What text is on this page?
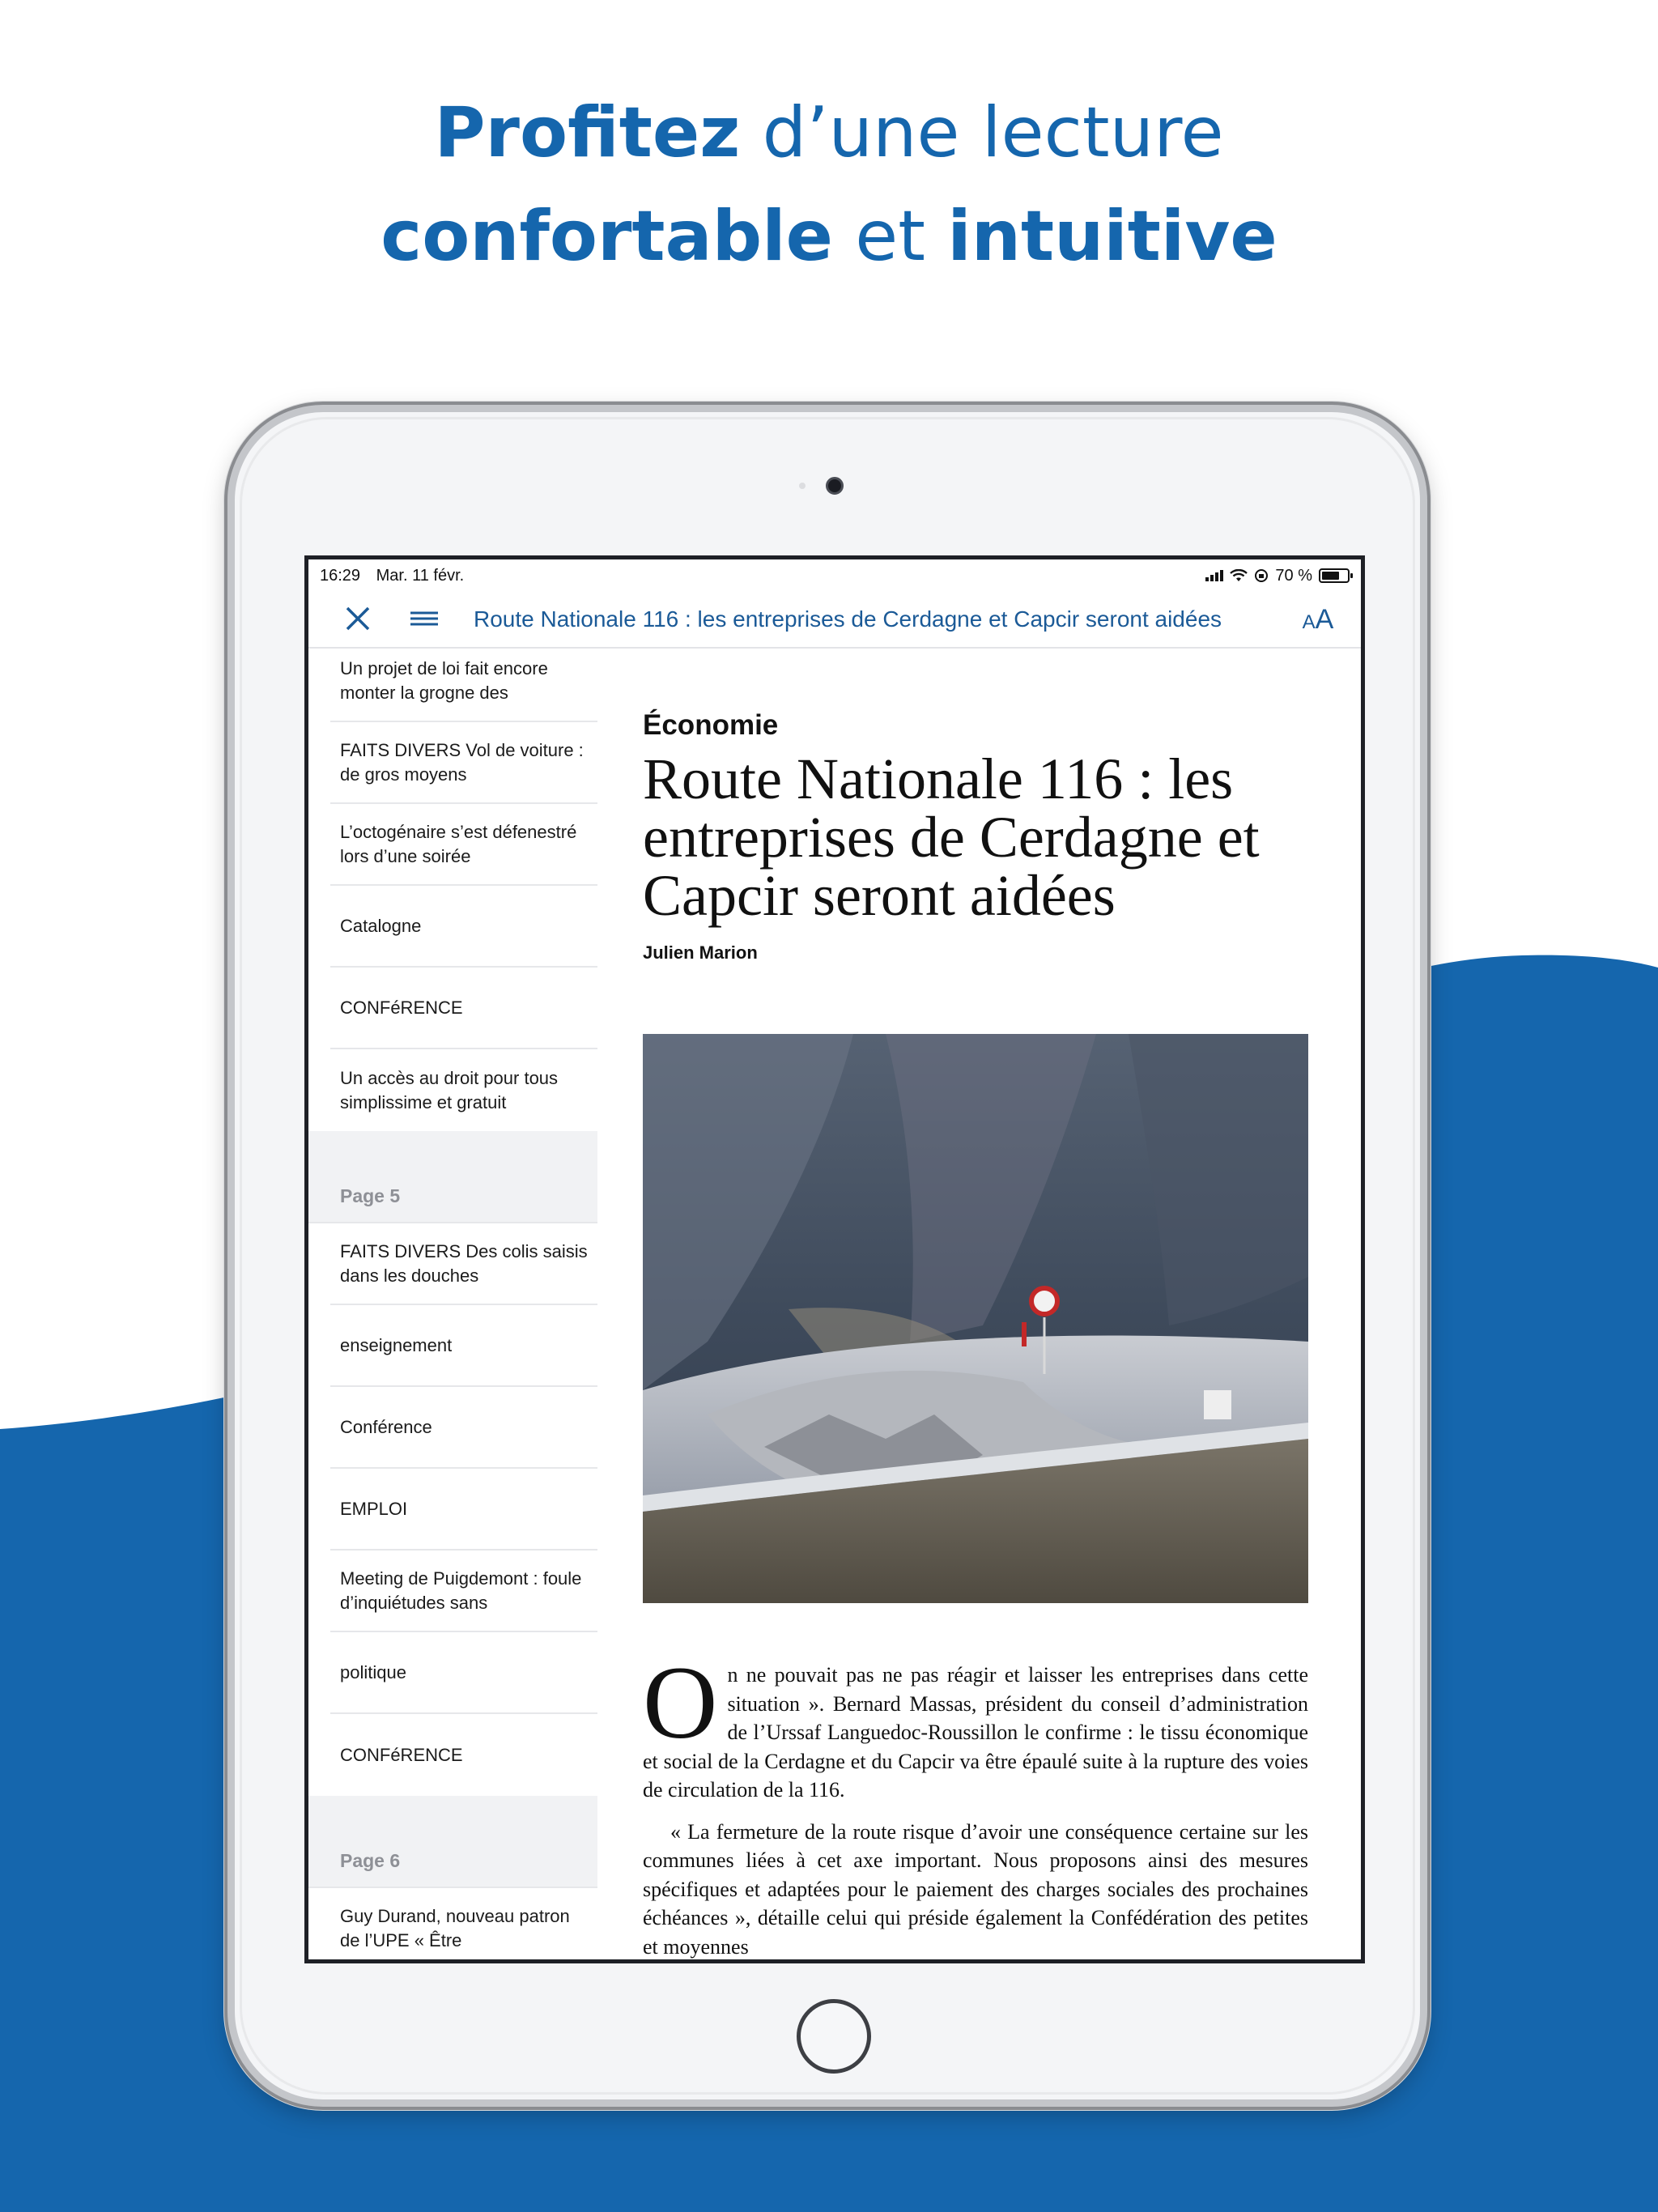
Profitez d’une lecture
confortable et intuitive
16:29 Mar. 11 févr.	70 %
Route Nationale 116 : les entreprises de Cerdagne et Capcir seront aidées	AA
Un projet de loi fait encore monter la grogne des
FAITS DIVERS Vol de voiture : de gros moyens
L’octogénaire s’est défenestré lors d’une soirée
Catalogne
CONFéRENCE
Un accès au droit pour tous simplissime et gratuit
Page 5
FAITS DIVERS Des colis saisis dans les douches
enseignement
Conférence
EMPLOI
Meeting de Puigdemont : foule d’inquiétudes sans
politique
CONFéRENCE
Page 6
Guy Durand, nouveau patron de l’UPE « Être
Économie
Route Nationale 116 : les entreprises de Cerdagne et Capcir seront aidées
Julien Marion

On ne pouvait pas ne pas réagir et laisser les entreprises dans cette situation ». Bernard Massas, président du conseil d’administration de l’Urssaf Languedoc-Roussillon le confirme : le tissu économique et social de la Cerdagne et du Capcir va être épaulé suite à la rupture des voies de circulation de la 116.

« La fermeture de la route risque d’avoir une conséquence certaine sur les communes liées à cet axe important. Nous proposons ainsi des mesures spécifiques et adaptées pour le paiement des charges sociales des prochaines échéances », détaille celui qui préside également la Confédération des petites et moyennes
